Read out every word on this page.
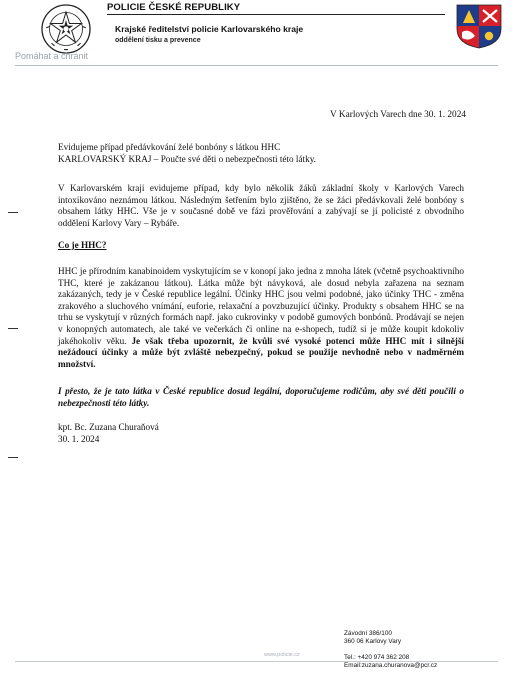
POLICIE ČESKÉ REPUBLIKY
Krajské ředitelství policie Karlovarského kraje
oddělení tisku a prevence
Pomáhat a chránit
V Karlových Varech dne 30. 1. 2024
Evidujeme případ předávkování želé bonbóny s látkou HHC
KARLOVARSKÝ KRAJ – Poučte své děti o nebezpečnosti této látky.

V Karlovarském kraji evidujeme případ, kdy bylo několik žáků základní školy v Karlových Varech intoxikováno neznámou látkou. Následným šetřením bylo zjištěno, že se žáci předávkovali želé bonbóny s obsahem látky HHC. Vše je v současné době ve fázi prověřování a zabývají se jí policisté z obvodního oddělení Karlovy Vary – Rybáře.

Co je HHC?

HHC je přírodním kanabinoidem vyskytujícím se v konopí jako jedna z mnoha látek (včetně psychoaktivního THC, které je zakázanou látkou). Látka může být návyková, ale dosud nebyla zařazena na seznam zakázaných, tedy je v České republice legální. Účinky HHC jsou velmi podobné, jako účinky THC - změna zrakového a sluchového vnímání, euforie, relaxační a povzbuzující účinky. Produkty s obsahem HHC se na trhu se vyskytují v různých formách např. jako cukrovinky v podobě gumových bonbónů. Prodávají se nejen v konopných automatech, ale také ve večerkách či online na e-shopech, tudíž si je může koupit kdokoliv jakéhokoliv věku. Je však třeba upozornit, že kvůli své vysoké potenci může HHC mít i silnější nežádoucí účinky a může být zvláště nebezpečný, pokud se použije nevhodně nebo v nadměrném množství.

I přesto, že je tato látka v České republice dosud legální, doporučujeme rodičům, aby své děti poučili o nebezpečnosti této látky.

kpt. Bc. Zuzana Churaňová
30. 1. 2024
Závodní 386/100
360 06 Karlovy Vary
www.policie.cz	Tel.: +420 974 362 208
Email:zuzana.churanova@pcr.cz
